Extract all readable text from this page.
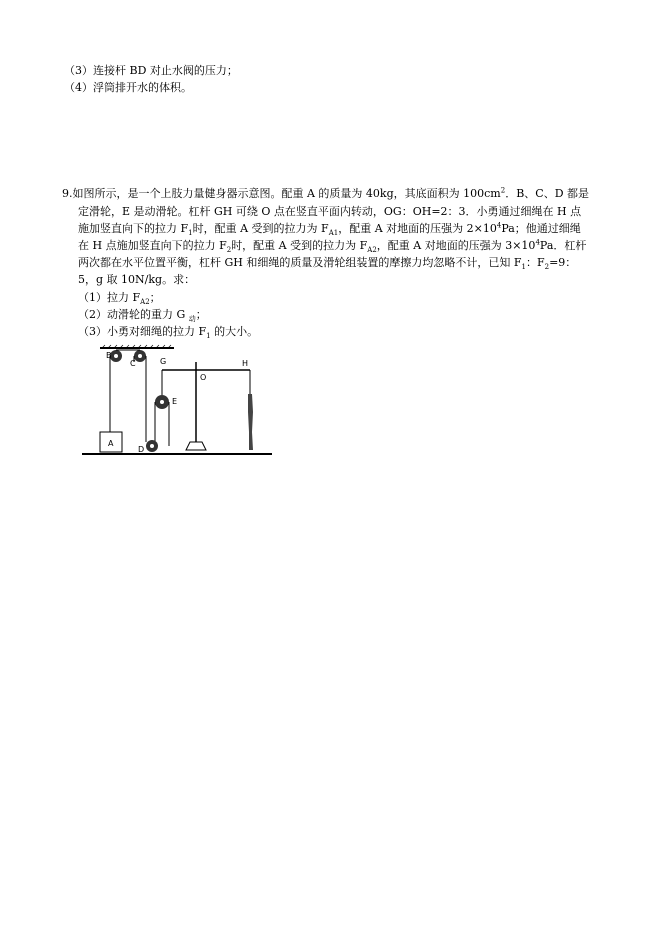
（3）连接杆 BD 对止水阀的压力；
（4）浮筒排开水的体积。
9.如图所示，是一个上肢力量健身器示意图。配重 A 的质量为 40kg，其底面积为 $100cm^2$．B、C、D 都是
定滑轮，E 是动滑轮。杠杆 GH 可绕 O 点在竖直平面内转动，OG：OH=2：3．小勇通过细绳在 H 点
施加竖直向下的拉力 $F_1$时，配重 A 受到的拉力为 $F_{A1}$，配重 A 对地面的压强为 $2\times 10^4Pa$；他通过细绳
在 H 点施加竖直向下的拉力 $F_2$时，配重 A 受到的拉力为 $F_{A2}$，配重 A 对地面的压强为 $3\times 10^4Pa$．杠杆
两次都在水平位置平衡，杠杆 GH 和细绳的质量及滑轮组装置的摩擦力均忽略不计，已知 $F_1$：$F_2=9$：
5，g 取 10N/kg。求：
（1）拉力 $F_{A2}$；
（2）动滑轮的重力 G $_动$；
（3）小勇对细绳的拉力 $F_1$ 的大小。
B
C
E
G
O
H
A
D
